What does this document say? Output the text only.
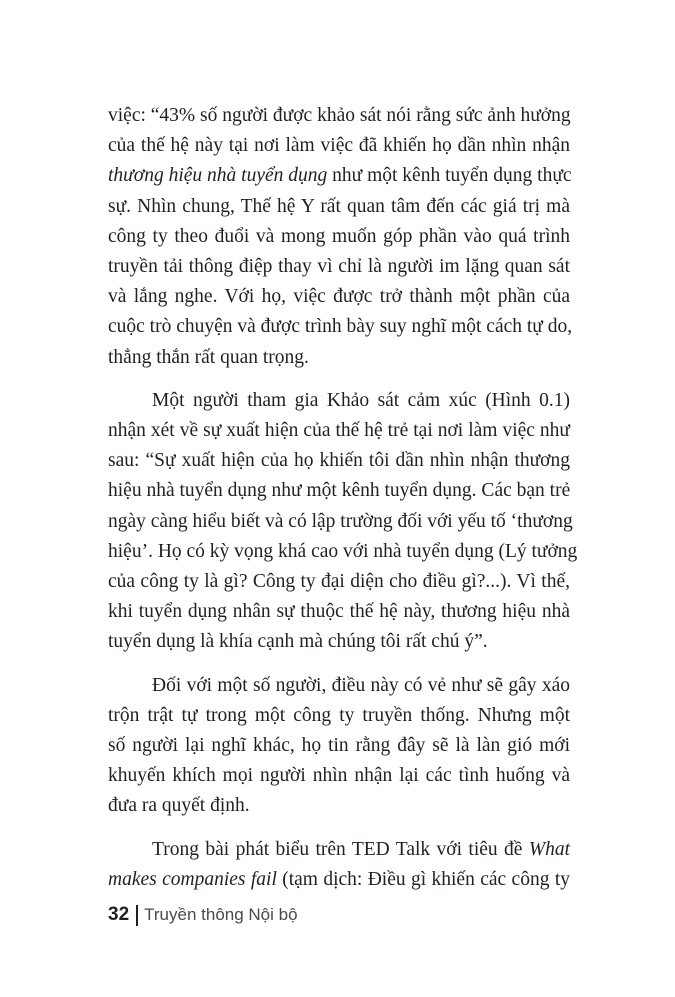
việc: “43% số người được khảo sát nói rằng sức ảnh hưởng
của thế hệ này tại nơi làm việc đã khiến họ dần nhìn nhận
thương hiệu nhà tuyển dụng như một kênh tuyển dụng thực
sự. Nhìn chung, Thế hệ Y rất quan tâm đến các giá trị mà
công ty theo đuổi và mong muốn góp phần vào quá trình
truyền tải thông điệp thay vì chỉ là người im lặng quan sát
và lắng nghe. Với họ, việc được trở thành một phần của
cuộc trò chuyện và được trình bày suy nghĩ một cách tự do,
thẳng thắn rất quan trọng.

Một người tham gia Khảo sát cảm xúc (Hình 0.1)
nhận xét về sự xuất hiện của thế hệ trẻ tại nơi làm việc như
sau: “Sự xuất hiện của họ khiến tôi dần nhìn nhận thương
hiệu nhà tuyển dụng như một kênh tuyển dụng. Các bạn trẻ
ngày càng hiểu biết và có lập trường đối với yếu tố ‘thương
hiệu’. Họ có kỳ vọng khá cao với nhà tuyển dụng (Lý tưởng
của công ty là gì? Công ty đại diện cho điều gì?...). Vì thế,
khi tuyển dụng nhân sự thuộc thế hệ này, thương hiệu nhà
tuyển dụng là khía cạnh mà chúng tôi rất chú ý”.

Đối với một số người, điều này có vẻ như sẽ gây xáo
trộn trật tự trong một công ty truyền thống. Nhưng một
số người lại nghĩ khác, họ tin rằng đây sẽ là làn gió mới
khuyến khích mọi người nhìn nhận lại các tình huống và
đưa ra quyết định.

Trong bài phát biểu trên TED Talk với tiêu đề What
makes companies fail (tạm dịch: Điều gì khiến các công ty

32 Truyền thông Nội bộ
